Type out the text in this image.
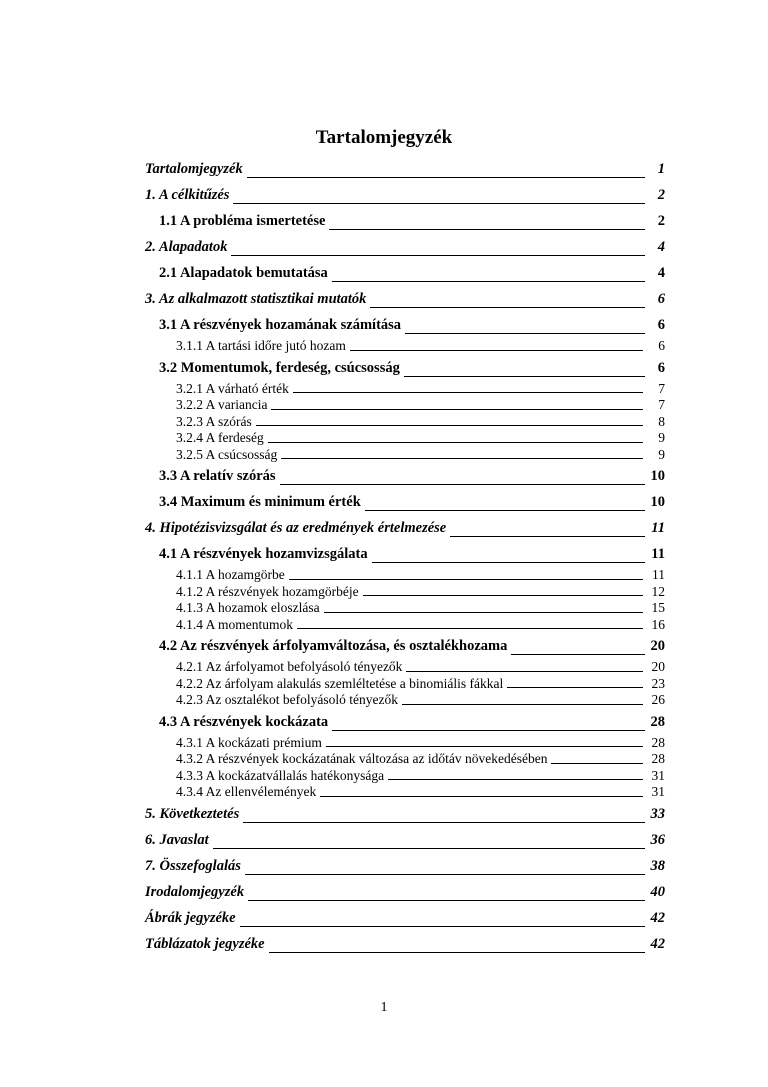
Tartalomjegyzék
Tartalomjegyzék	1
1. A célkitűzés	2
1.1 A probléma ismertetése	2
2. Alapadatok	4
2.1 Alapadatok bemutatása	4
3. Az alkalmazott statisztikai mutatók	6
3.1 A részvények hozamának számítása	6
3.1.1 A tartási időre jutó hozam	6
3.2 Momentumok, ferdeség, csúcsosság	6
3.2.1 A várható érték	7
3.2.2 A variancia	7
3.2.3 A szórás	8
3.2.4 A ferdeség	9
3.2.5 A csúcsosság	9
3.3 A relatív szórás	10
3.4 Maximum és minimum érték	10
4. Hipotézisvizsgálat és az eredmények értelmezése	11
4.1 A részvények hozamvizsgálata	11
4.1.1 A hozamgörbe	11
4.1.2 A részvények hozamgörbéje	12
4.1.3 A hozamok eloszlása	15
4.1.4 A momentumok	16
4.2 Az részvények árfolyamváltozása, és osztalékhozama	20
4.2.1 Az árfolyamot befolyásoló tényezők	20
4.2.2 Az árfolyam alakulás szemléltetése a binomiális fákkal	23
4.2.3 Az osztalékot befolyásoló tényezők	26
4.3 A részvények kockázata	28
4.3.1 A kockázati prémium	28
4.3.2 A részvények kockázatának változása az időtáv növekedésében	28
4.3.3 A kockázatvállalás hatékonysága	31
4.3.4 Az ellenvélemények	31
5. Következtetés	33
6. Javaslat	36
7. Összefoglalás	38
Irodalomjegyzék	40
Ábrák jegyzéke	42
Táblázatok jegyzéke	42
1
